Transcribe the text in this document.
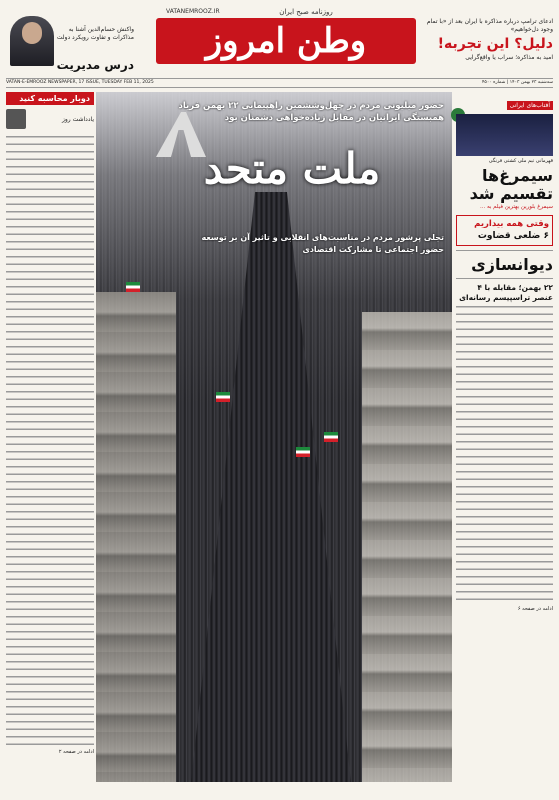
واکنش حسام‌الدین آشنا به مذاکرات و تفاوت رویکرد دولت
درس مدیریت
روزنامه صبح ایران
VATANEMROOZ.IR
وطن امروز	ادعای ترامپ درباره مذاکره با ایران بعد از «با تمام وجود دل‌خواهیم»
دلیل؟ این تجربه!
امید به مذاکره؛ سراب یا واقع‌گرایی
VATAN-E-EMROOZ NEWSPAPER, 17 ISSUE, TUESDAY FEB 11, 2025	سه‌شنبه ۲۳ بهمن ۱۴۰۳ | شماره ۴۵۰۰
دوبار محاسبه کنید
یادداشت روز
ادامه در صفحه ۲
حضور میلیونی مردم در چهل‌وششمین راهپیمایی ۲۲ بهمن فریاد همبستگی ایرانیان در مقابل زیاده‌خواهی دشمنان بود
ملت متحد
تجلی پرشور مردم در مناسبت‌های انقلابی و تاثیر آن بر توسعه حضور اجتماعی تا مشارکت اقتصادی
آفتاب‌های ایرانی
قهرمانی تیم ملی کشتی فرنگی
سیمرغ‌ها تقسیم شد
سیمرغ بلورین بهترین فیلم به ...
وقتی همه بیداریم
۶ ضلعی قضاوت
دیوانسازی
۲۲ بهمن؛ مقابله با ۴ عنصر تراسپیسم رسانه‌ای
ادامه در صفحه ۶
